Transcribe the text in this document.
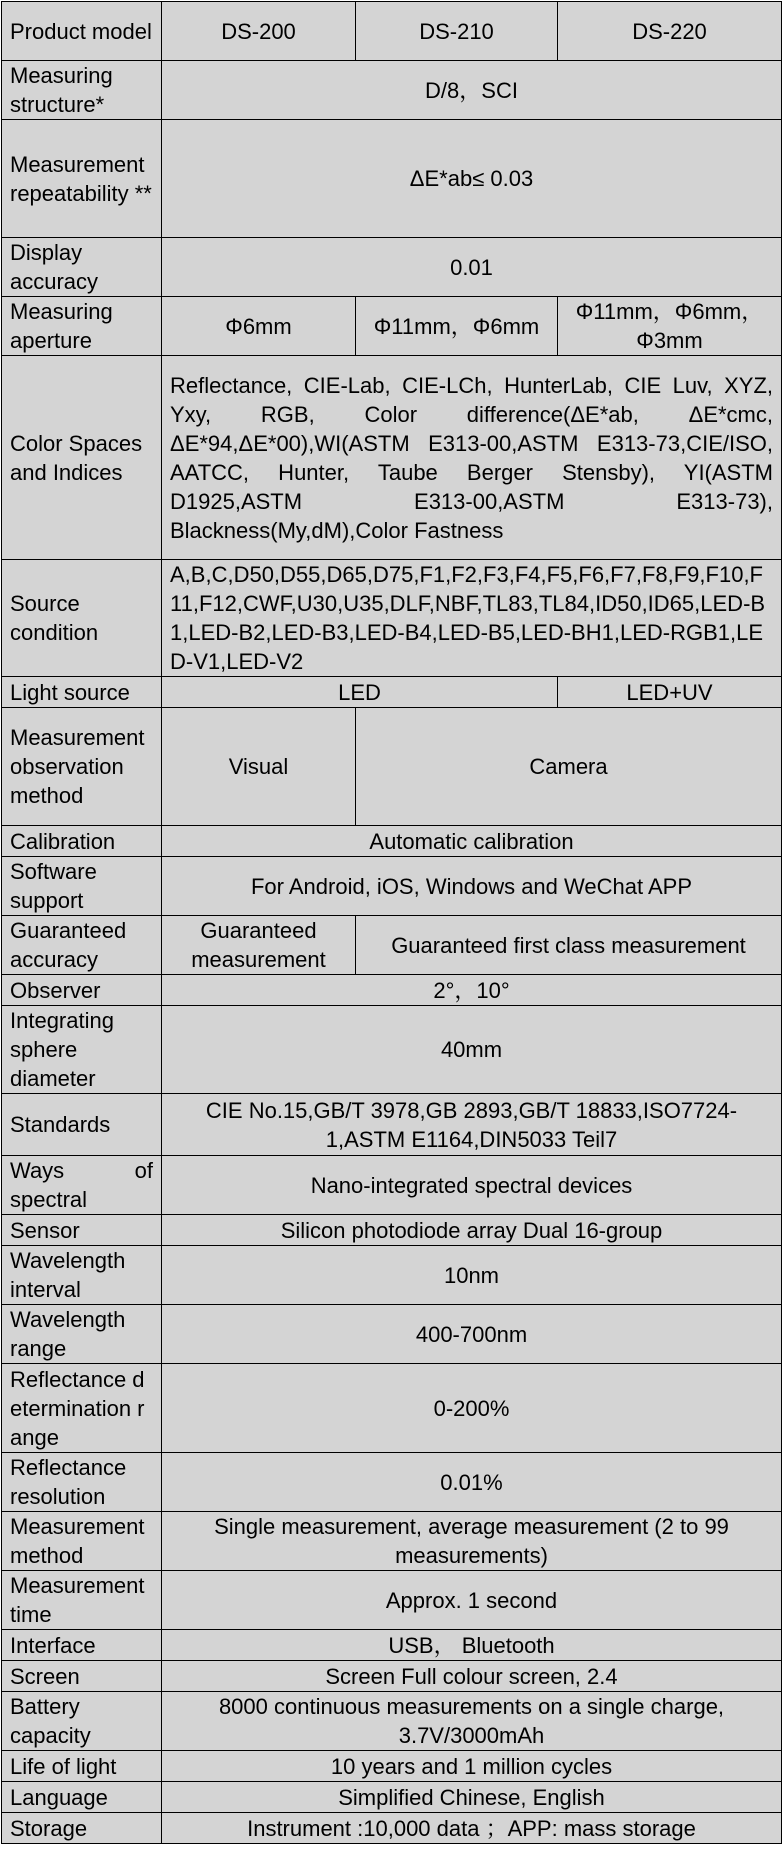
Product model	DS-200	DS-210	DS-220
Measuring structure*	D/8，SCI		
Measurement repeatability **	ΔE*ab≤ 0.03		
Display accuracy	0.01		
Measuring aperture	Φ6mm	Φ11mm，Φ6mm	Φ11mm，Φ6mm，Φ3mm
Color Spaces and Indices	Reflectance, CIE-Lab, CIE-LCh, HunterLab, CIE Luv, XYZ, Yxy, RGB, Color difference(ΔE*ab, ΔE*cmc, ΔE*94,ΔE*00),WI(ASTM E313-00,ASTM E313-73,CIE/ISO, AATCC, Hunter, Taube Berger Stensby), YI(ASTM D1925,ASTM E313-00,ASTM E313-73), Blackness(My,dM),Color Fastness		
Source condition	A,B,C,D50,D55,D65,D75,F1,F2,F3,F4,F5,F6,F7,F8,F9,F10,F11,F12,CWF,U30,U35,DLF,NBF,TL83,TL84,ID50,ID65,LED-B1,LED-B2,LED-B3,LED-B4,LED-B5,LED-BH1,LED-RGB1,LED-V1,LED-V2		
Light source	LED		LED+UV
Measurement observation method	Visual	Camera	
Calibration	Automatic calibration		
Software support	For Android, iOS, Windows and WeChat APP		
Guaranteed accuracy	Guaranteed measurement	Guaranteed first class measurement	
Observer	2°，10°		
Integrating sphere diameter	40mm		
Standards	CIE No.15,GB/T 3978,GB 2893,GB/T 18833,ISO7724-1,ASTM E1164,DIN5033 Teil7		
Ways of spectral	Nano-integrated spectral devices		
Sensor	Silicon photodiode array Dual 16-group		
Wavelength interval	10nm		
Wavelength range	400-700nm		
Reflectance determination range	0-200%		
Reflectance resolution	0.01%		
Measurement method	Single measurement, average measurement (2 to 99 measurements)		
Measurement time	Approx. 1 second		
Interface	USB， Bluetooth		
Screen	Screen Full colour screen, 2.4		
Battery capacity	8000 continuous measurements on a single charge, 3.7V/3000mAh		
Life of light	10 years and 1 million cycles		
Language	Simplified Chinese, English		
Storage	Instrument :10,000 data ；APP: mass storage		
